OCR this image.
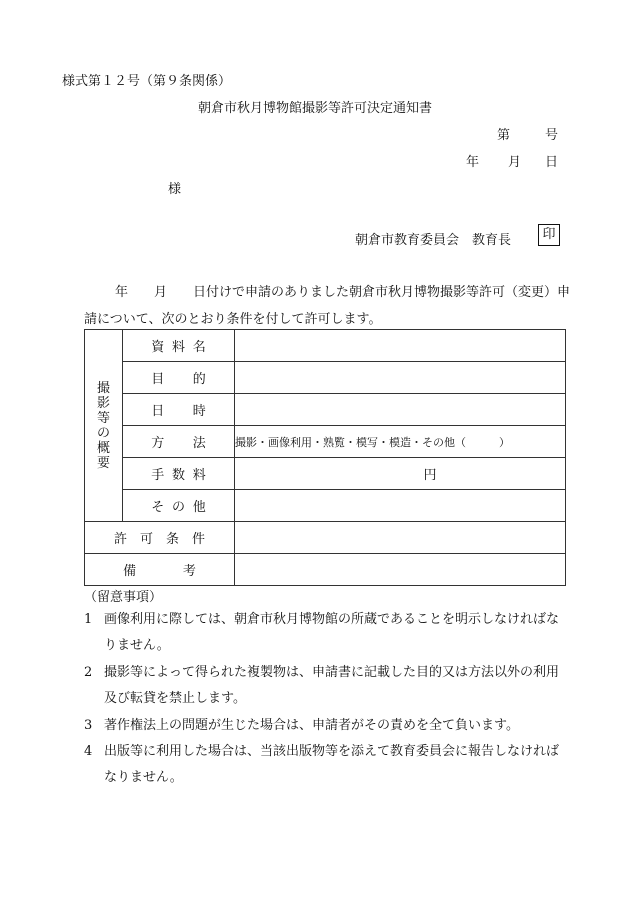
様式第１２号（第９条関係）
朝倉市秋月博物館撮影等許可決定通知書
第	号
年 月 日
様
朝倉市教育委員会　教育長	印
年　　月　　日付けで申請のありました朝倉市秋月博物撮影等許可（変更）申請について、次のとおり条件を付して許可します。
撮影等の概要	資料名	
	目的	
	日時	
	方法	撮影・画像利用・熟覧・模写・模造・その他（　　　）
	手数料	円
	その他	
許可条件		
備考		
（留意事項）
1 画像利用に際しては、朝倉市秋月博物館の所蔵であることを明示しなければなりません。
2 撮影等によって得られた複製物は、申請書に記載した目的又は方法以外の利用及び転貸を禁止します。
3 著作権法上の問題が生じた場合は、申請者がその責めを全て負います。
4 出版等に利用した場合は、当該出版物等を添えて教育委員会に報告しなければなりません。
